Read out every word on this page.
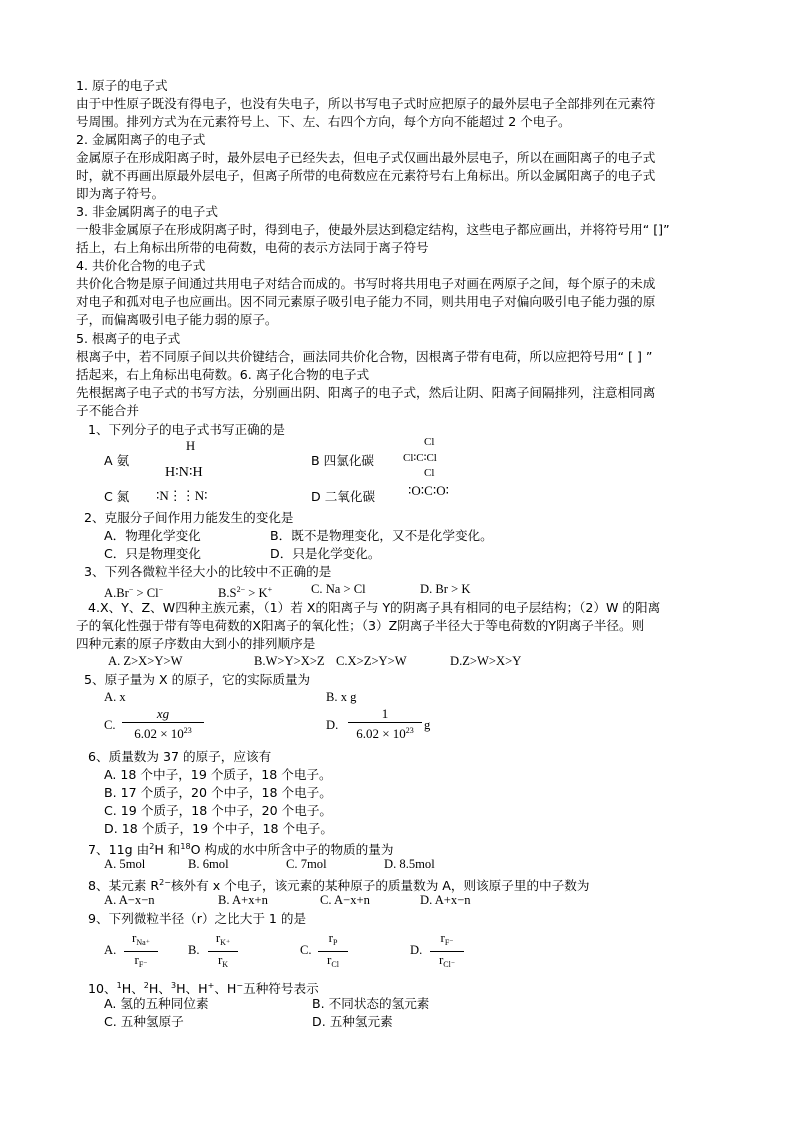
1. 原子的电子式
由于中性原子既没有得电子，也没有失电子，所以书写电子式时应把原子的最外层电子全部排列在元素符
号周围。排列方式为在元素符号上、下、左、右四个方向，每个方向不能超过 2 个电子。
2. 金属阳离子的电子式
金属原子在形成阳离子时，最外层电子已经失去，但电子式仅画出最外层电子，所以在画阳离子的电子式
时，就不再画出原最外层电子，但离子所带的电荷数应在元素符号右上角标出。所以金属阳离子的电子式
即为离子符号。
3. 非金属阴离子的电子式
一般非金属原子在形成阴离子时，得到电子，使最外层达到稳定结构，这些电子都应画出，并将符号用“ []”
括上，右上角标出所带的电荷数，电荷的表示方法同于离子符号
4. 共价化合物的电子式
共价化合物是原子间通过共用电子对结合而成的。书写时将共用电子对画在两原子之间，每个原子的未成
对电子和孤对电子也应画出。因不同元素原子吸引电子能力不同，则共用电子对偏向吸引电子能力强的原
子，而偏离吸引电子能力弱的原子。
5. 根离子的电子式
根离子中，若不同原子间以共价键结合，画法同共价化合物，因根离子带有电荷，所以应把符号用“ [ ] ”
括起来，右上角标出电荷数。6. 离子化合物的电子式
先根据离子电子式的书写方法，分别画出阴、阳离子的电子式，然后让阴、阳离子间隔排列，注意相同离
子不能合并
1、下列分子的电子式书写正确的是
A 氨
H
H∶N∶H
B 四氯化碳
Cl
Cl∶C∶Cl
Cl
C 氮 ∶N⋮⋮N∶	D 二氧化碳	∶O∶C∶O∶
2、克服分子间作用力能发生的变化是
A．物理化学变化	B．既不是物理变化，又不是化学变化。
C．只是物理变化	D．只是化学变化。
3、下列各微粒半径大小的比较中不正确的是
A.Br− > Cl−	$B.S^{2-} > K^+$	C. Na > Cl	D. Br > K
4.X、Y、Z、W四种主族元素，（1）若 X的阳离子与 Y的阴离子具有相同的电子层结构；（2）W 的阳离
子的氧化性强于带有等电荷数的X阳离子的氧化性；（3）Z阴离子半径大于等电荷数的Y阴离子半径。则
四种元素的原子序数由大到小的排列顺序是
A. Z>X>Y>W	B.W>Y>X>Z C.X>Z>Y>W	D.Z>W>X>Y
5、原子量为 X 的原子，它的实际质量为
A. x	B. x g
C. $\frac{xg}{6.02 \times 10^{23}}$	D. $\frac{1}{6.02 \times 10^{23}}$ g
6、质量数为 37 的原子，应该有
A. 18 个中子，19 个质子，18 个电子。
B. 17 个质子，20 个中子，18 个电子。
C. 19 个质子，18 个中子，20 个电子。
D. 18 个质子，19 个中子，18 个电子。
7、11g 由$^2$H 和$^{18}$O 构成的水中所含中子的物质的量为
A. 5mol	B. 6mol	C. 7mol	D. 8.5mol
8、某元素 $R^{2-}$核外有 x 个电子，该元素的某种原子的质量数为 A，则该原子里的中子数为
A. A−x−n	B. A+x+n	C. A−x+n	D. A+x−n
9、下列微粒半径（r）之比大于 1 的是
A.
$r_{Na^+}$
$r_{F^-}$
B. $\frac{r_{K^+}}{r_K}$	C.
$r_P$
$r_{Cl}$
D.
$r_{F^-}$
$r_{Cl^-}$
10、$^1$H、$^2$H、$^3$H、H+、H−五种符号表示
A. 氢的五种同位素	B. 不同状态的氢元素
C. 五种氢原子	D. 五种氢元素
